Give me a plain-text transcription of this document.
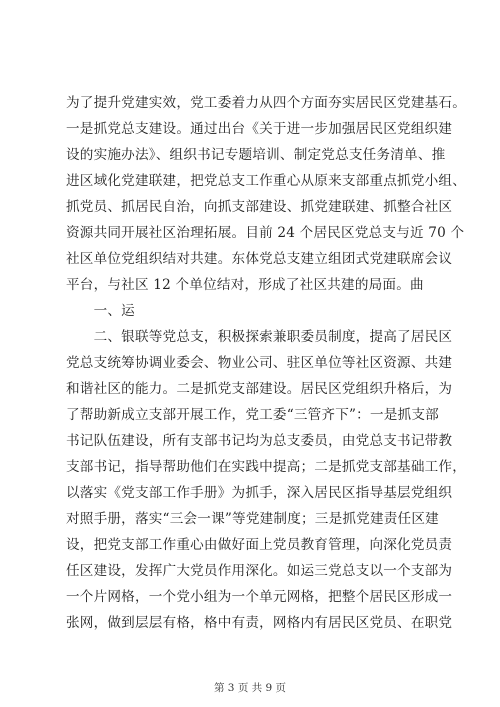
为了提升党建实效，党工委着力从四个方面夯实居民区党建基石。
一是抓党总支建设。通过出台《关于进一步加强居民区党组织建
设的实施办法》、组织书记专题培训、制定党总支任务清单、推
进区域化党建联建，把党总支工作重心从原来支部重点抓党小组、
抓党员、抓居民自治，向抓支部建设、抓党建联建、抓整合社区
资源共同开展社区治理拓展。目前 24 个居民区党总支与近 70 个
社区单位党组织结对共建。东体党总支建立组团式党建联席会议
平台，与社区 12 个单位结对，形成了社区共建的局面。曲
　　一、运
　　二、银联等党总支，积极探索兼职委员制度，提高了居民区
党总支统筹协调业委会、物业公司、驻区单位等社区资源、共建
和谐社区的能力。二是抓党支部建设。居民区党组织升格后，为
了帮助新成立支部开展工作，党工委“三管齐下”：一是抓支部
书记队伍建设，所有支部书记均为总支委员，由党总支书记带教
支部书记，指导帮助他们在实践中提高；二是抓党支部基础工作，
以落实《党支部工作手册》为抓手，深入居民区指导基层党组织
对照手册，落实“三会一课”等党建制度；三是抓党建责任区建
设，把党支部工作重心由做好面上党员教育管理，向深化党员责
任区建设，发挥广大党员作用深化。如运三党总支以一个支部为
一个片网格，一个党小组为一个单元网格，把整个居民区形成一
张网，做到层层有格，格中有责，网格内有居民区党员、在职党
第 3 页 共 9 页
